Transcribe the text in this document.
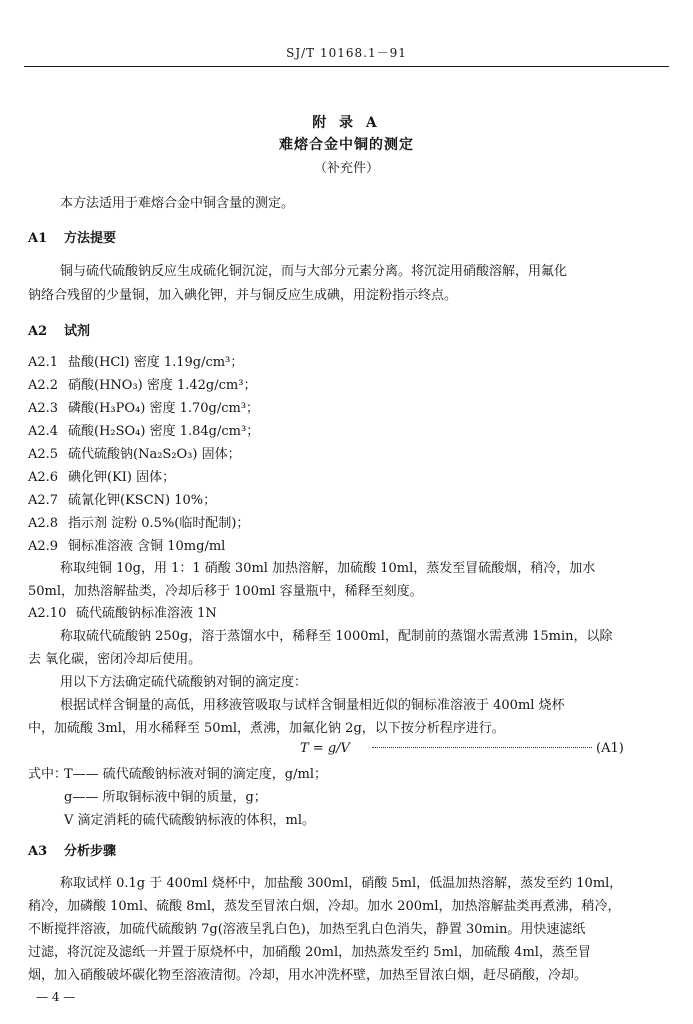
SJ/T 10168.1－91
附 录 A
难熔合金中铜的测定
（补充件）
本方法适用于难熔合金中铜含量的测定。
A1 方法提要
铜与硫代硫酸钠反应生成硫化铜沉淀，而与大部分元素分离。将沉淀用硝酸溶解，用氟化
钠络合残留的少量铜，加入碘化钾，并与铜反应生成碘，用淀粉指示终点。
A2 试剂
A2.1 盐酸(HCl) 密度 1.19g/cm³；
A2.2 硝酸(HNO₃) 密度 1.42g/cm³；
A2.3 磷酸(H₃PO₄) 密度 1.70g/cm³；
A2.4 硫酸(H₂SO₄) 密度 1.84g/cm³；
A2.5 硫代硫酸钠(Na₂S₂O₃) 固体；
A2.6 碘化钾(KI) 固体；
A2.7 硫氰化钾(KSCN) 10%；
A2.8 指示剂 淀粉 0.5%(临时配制)；
A2.9 铜标准溶液 含铜 10mg/ml
称取纯铜 10g，用 1：1 硝酸 30ml 加热溶解，加硫酸 10ml，蒸发至冒硫酸烟，稍冷，加水
50ml，加热溶解盐类，冷却后移于 100ml 容量瓶中，稀释至刻度。
A2.10 硫代硫酸钠标准溶液 1N
称取硫代硫酸钠 250g，溶于蒸馏水中，稀释至 1000ml，配制前的蒸馏水需煮沸 15min，以除
去 氧化碳，密闭冷却后使用。
用以下方法确定硫代硫酸钠对铜的滴定度：
根据试样含铜量的高低，用移液管吸取与试样含铜量相近似的铜标准溶液于 400ml 烧杯
中，加硫酸 3ml，用水稀释至 50ml，煮沸，加氟化钠 2g，以下按分析程序进行。
T = g/V	(A1)
式中：
T—— 硫代硫酸钠标液对铜的滴定度，g/ml；
g—— 所取铜标液中铜的质量，g；
V 滴定消耗的硫代硫酸钠标液的体积，ml。
A3 分析步骤
称取试样 0.1g 于 400ml 烧杯中，加盐酸 300ml，硝酸 5ml，低温加热溶解，蒸发至约 10ml，
稍冷，加磷酸 10ml、硫酸 8ml，蒸发至冒浓白烟，冷却。加水 200ml，加热溶解盐类再煮沸，稍冷，
不断搅拌溶液，加硫代硫酸钠 7g(溶液呈乳白色)，加热至乳白色消失，静置 30min。用快速滤纸
过滤，将沉淀及滤纸一并置于原烧杯中，加硝酸 20ml，加热蒸发至约 5ml，加硫酸 4ml，蒸至冒
烟，加入硝酸破坏碳化物至溶液清彻。冷却，用水冲洗杯壁，加热至冒浓白烟，赶尽硝酸，冷却。
— 4 —
